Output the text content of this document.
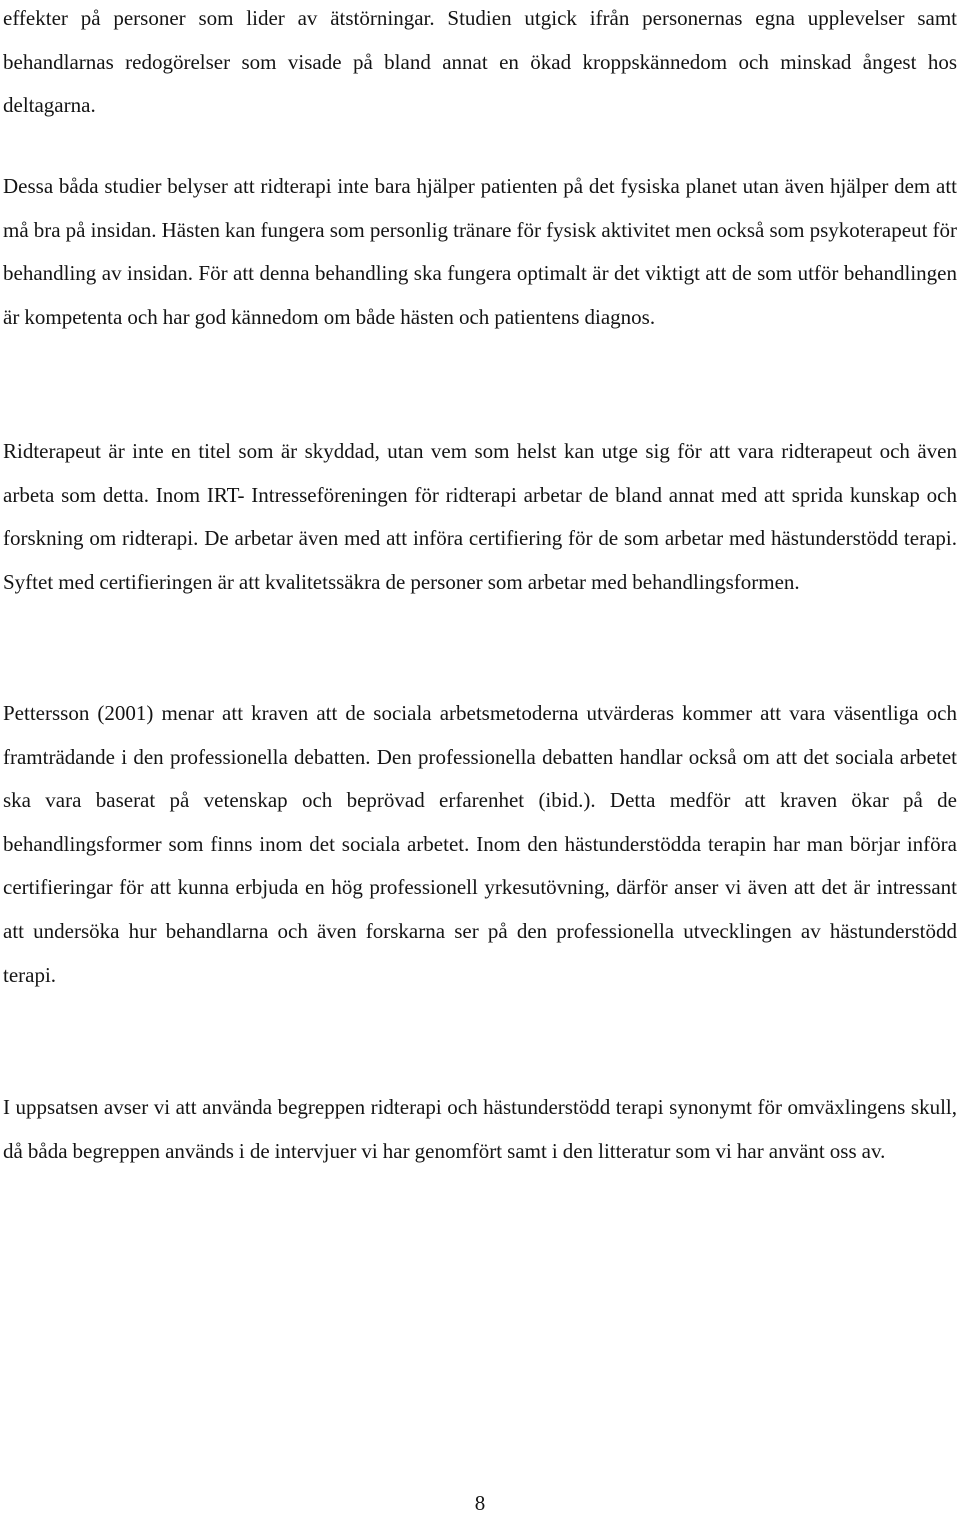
effekter på personer som lider av ätstörningar. Studien utgick ifrån personernas egna upplevelser samt behandlarnas redogörelser som visade på bland annat en ökad kroppskännedom och minskad ångest hos deltagarna.

Dessa båda studier belyser att ridterapi inte bara hjälper patienten på det fysiska planet utan även hjälper dem att må bra på insidan. Hästen kan fungera som personlig tränare för fysisk aktivitet men också som psykoterapeut för behandling av insidan. För att denna behandling ska fungera optimalt är det viktigt att de som utför behandlingen är kompetenta och har god kännedom om både hästen och patientens diagnos.

Ridterapeut är inte en titel som är skyddad, utan vem som helst kan utge sig för att vara ridterapeut och även arbeta som detta. Inom IRT- Intresseföreningen för ridterapi arbetar de bland annat med att sprida kunskap och forskning om ridterapi. De arbetar även med att införa certifiering för de som arbetar med hästunderstödd terapi. Syftet med certifieringen är att kvalitetssäkra de personer som arbetar med behandlingsformen.

Pettersson (2001) menar att kraven att de sociala arbetsmetoderna utvärderas kommer att vara väsentliga och framträdande i den professionella debatten. Den professionella debatten handlar också om att det sociala arbetet ska vara baserat på vetenskap och beprövad erfarenhet (ibid.). Detta medför att kraven ökar på de behandlingsformer som finns inom det sociala arbetet. Inom den hästunderstödda terapin har man börjar införa certifieringar för att kunna erbjuda en hög professionell yrkesutövning, därför anser vi även att det är intressant att undersöka hur behandlarna och även forskarna ser på den professionella utvecklingen av hästunderstödd terapi.

I uppsatsen avser vi att använda begreppen ridterapi och hästunderstödd terapi synonymt för omväxlingens skull, då båda begreppen används i de intervjuer vi har genomfört samt i den litteratur som vi har använt oss av.

8
